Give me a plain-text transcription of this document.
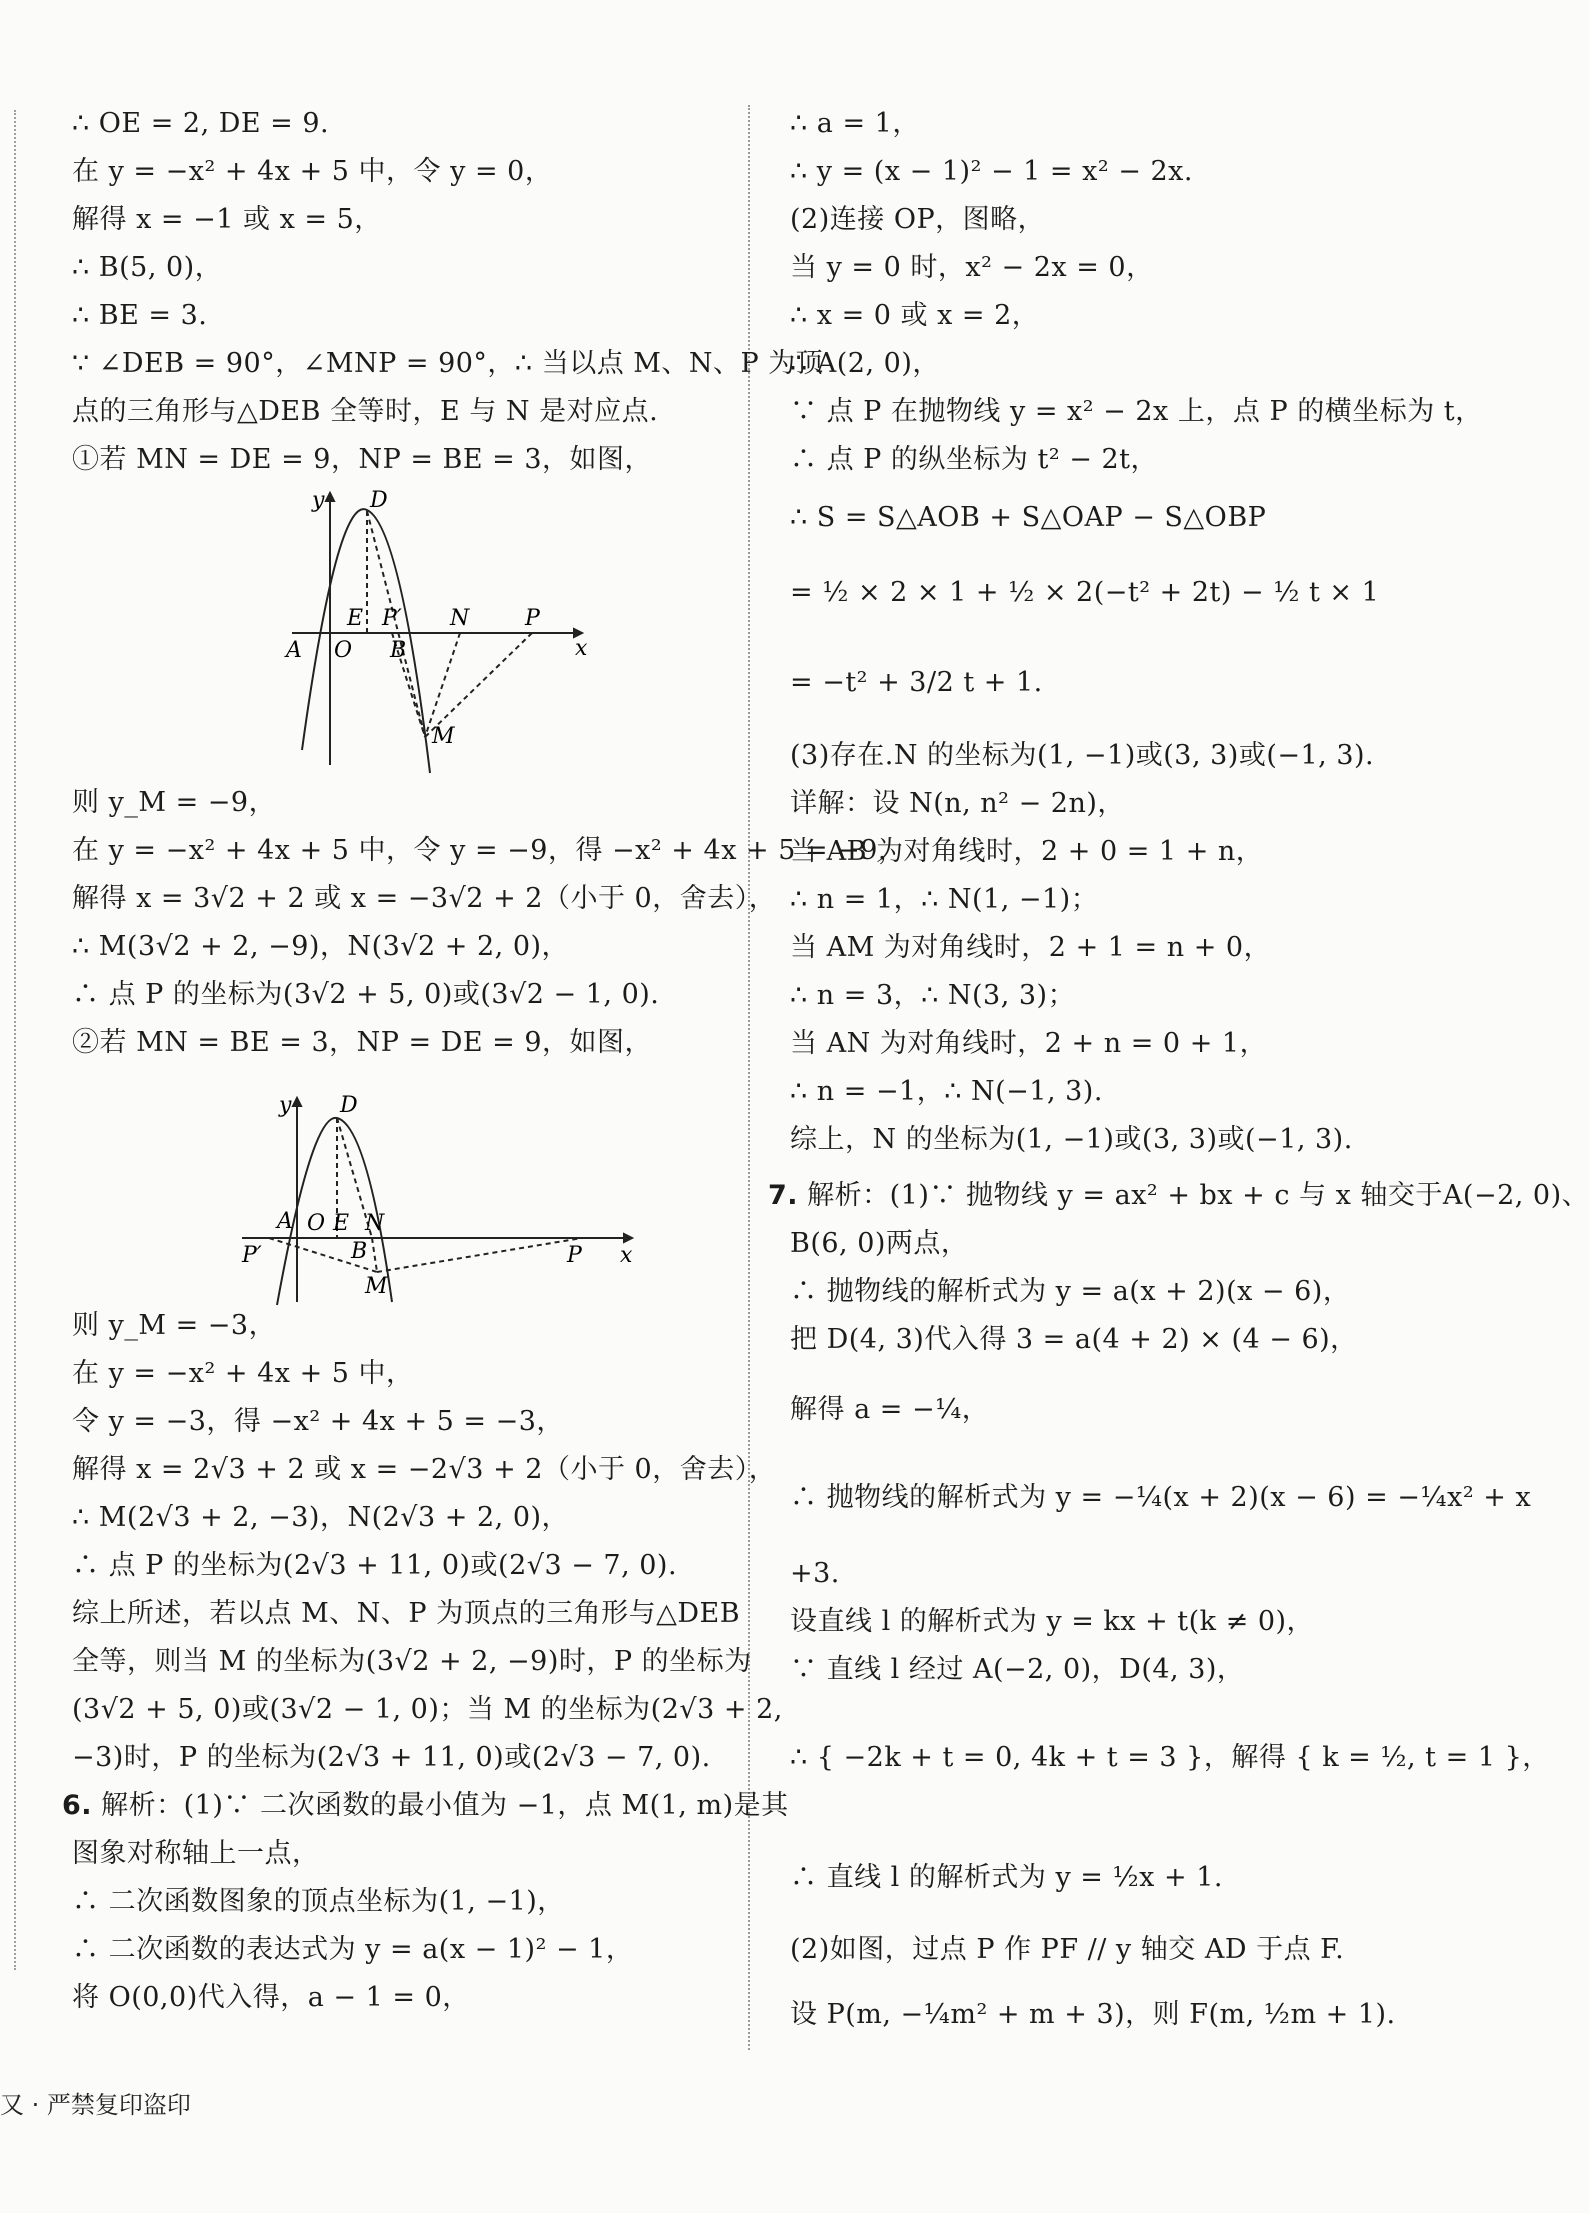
∴ OE = 2, DE = 9.
在 y = −x² + 4x + 5 中，令 y = 0，
解得 x = −1 或 x = 5，
∴ B(5, 0)，
∴ BE = 3.
∵ ∠DEB = 90°，∠MNP = 90°，∴ 当以点 M、N、P 为顶
点的三角形与△DEB 全等时，E 与 N 是对应点.
①若 MN = DE = 9，NP = BE = 3，如图，
y D
E P′ N	P
x
A O B
M
则 y_M = −9，
在 y = −x² + 4x + 5 中，令 y = −9，得 −x² + 4x + 5 = −9，
解得 x = 3√2 + 2 或 x = −3√2 + 2（小于 0，舍去），
∴ M(3√2 + 2, −9)，N(3√2 + 2, 0)，
∴ 点 P 的坐标为(3√2 + 5, 0)或(3√2 − 1, 0).
②若 MN = BE = 3，NP = DE = 9，如图，
y D
A O E N
P′	B	P x
M
则 y_M = −3，
在 y = −x² + 4x + 5 中，
令 y = −3，得 −x² + 4x + 5 = −3，
解得 x = 2√3 + 2 或 x = −2√3 + 2（小于 0，舍去），
∴ M(2√3 + 2, −3)，N(2√3 + 2, 0)，
∴ 点 P 的坐标为(2√3 + 11, 0)或(2√3 − 7, 0).
综上所述，若以点 M、N、P 为顶点的三角形与△DEB
全等，则当 M 的坐标为(3√2 + 2, −9)时，P 的坐标为
(3√2 + 5, 0)或(3√2 − 1, 0)；当 M 的坐标为(2√3 + 2,
−3)时，P 的坐标为(2√3 + 11, 0)或(2√3 − 7, 0).
6. 解析：(1)∵ 二次函数的最小值为 −1，点 M(1, m)是其
图象对称轴上一点，
∴ 二次函数图象的顶点坐标为(1, −1)，
∴ 二次函数的表达式为 y = a(x − 1)² − 1，
将 O(0,0)代入得，a − 1 = 0，
∴ a = 1，
∴ y = (x − 1)² − 1 = x² − 2x.
(2)连接 OP，图略，
当 y = 0 时，x² − 2x = 0，
∴ x = 0 或 x = 2，
∴ A(2, 0)，
∵ 点 P 在抛物线 y = x² − 2x 上，点 P 的横坐标为 t，
∴ 点 P 的纵坐标为 t² − 2t，
∴ S = S△AOB + S△OAP − S△OBP
= ½ × 2 × 1 + ½ × 2(−t² + 2t) − ½ t × 1
= −t² + 3/2 t + 1.
(3)存在.N 的坐标为(1, −1)或(3, 3)或(−1, 3).
详解：设 N(n, n² − 2n)，
当 AB 为对角线时，2 + 0 = 1 + n，
∴ n = 1，∴ N(1, −1)；
当 AM 为对角线时，2 + 1 = n + 0，
∴ n = 3，∴ N(3, 3)；
当 AN 为对角线时，2 + n = 0 + 1，
∴ n = −1，∴ N(−1, 3).
综上，N 的坐标为(1, −1)或(3, 3)或(−1, 3).
7. 解析：(1)∵ 抛物线 y = ax² + bx + c 与 x 轴交于A(−2, 0)、
B(6, 0)两点，
∴ 抛物线的解析式为 y = a(x + 2)(x − 6)，
把 D(4, 3)代入得 3 = a(4 + 2) × (4 − 6)，
解得 a = −¼，
∴ 抛物线的解析式为 y = −¼(x + 2)(x − 6) = −¼x² + x
+3.
设直线 l 的解析式为 y = kx + t(k ≠ 0)，
∵ 直线 l 经过 A(−2, 0)，D(4, 3)，
∴ { −2k + t = 0, 4k + t = 3 }，解得 { k = ½, t = 1 }，
∴ 直线 l 的解析式为 y = ½x + 1.
(2)如图，过点 P 作 PF // y 轴交 AD 于点 F.
设 P(m, −¼m² + m + 3)，则 F(m, ½m + 1).
又 · 严禁复印盗印
